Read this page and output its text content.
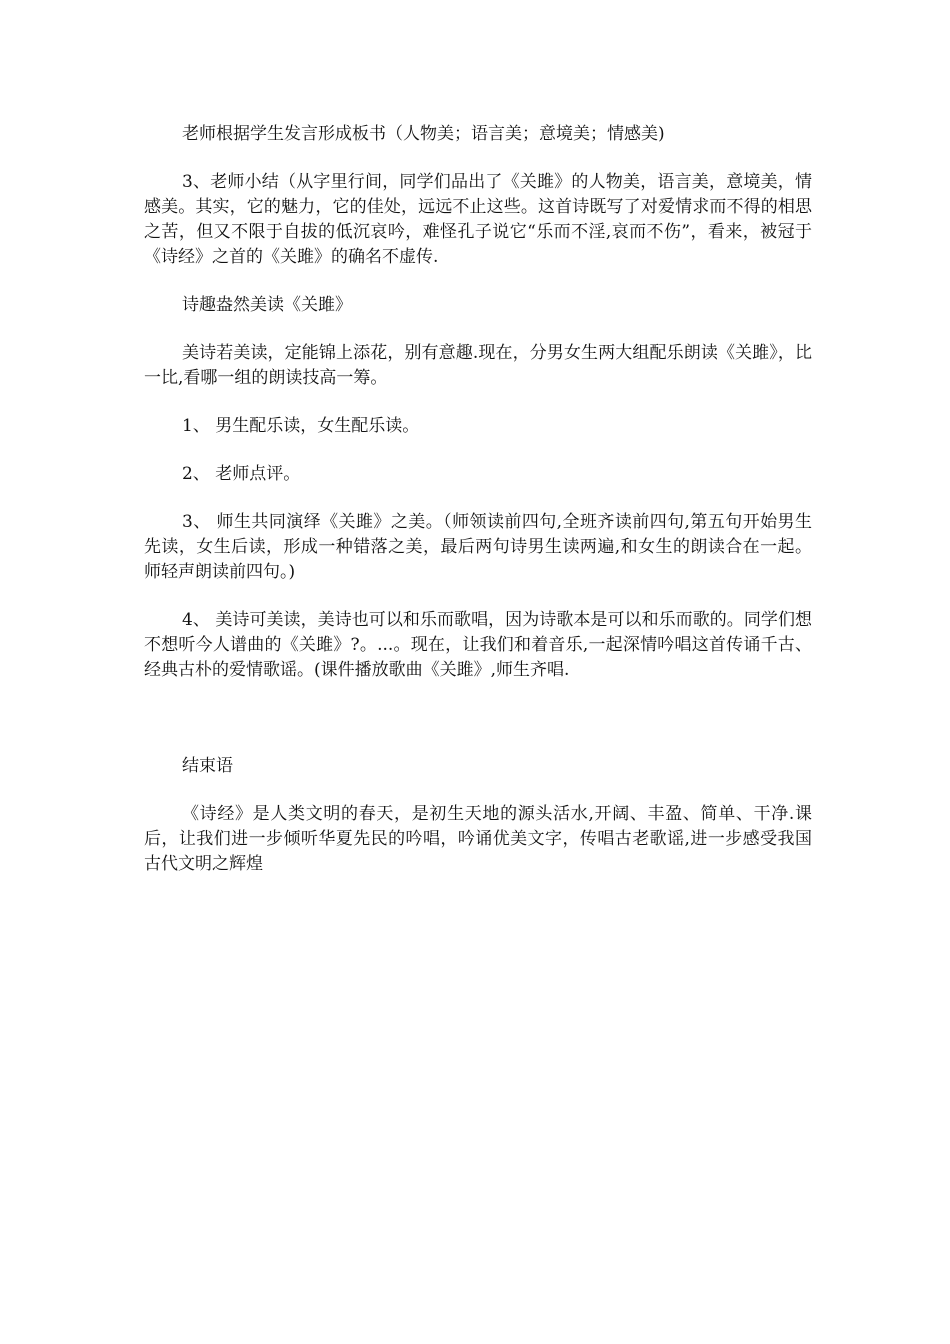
老师根据学生发言形成板书（人物美；语言美；意境美；情感美)

3、老师小结（从字里行间，同学们品出了《关雎》的人物美，语言美，意境美，情感美。其实，它的魅力，它的佳处，远远不止这些。这首诗既写了对爱情求而不得的相思之苦，但又不限于自拔的低沉哀吟，难怪孔子说它“乐而不淫,哀而不伤”，看来，被冠于《诗经》之首的《关雎》的确名不虚传.

诗趣盎然美读《关雎》

美诗若美读，定能锦上添花，别有意趣.现在，分男女生两大组配乐朗读《关雎》，比一比,看哪一组的朗读技高一筹。

1、 男生配乐读，女生配乐读。

2、 老师点评。

3、 师生共同演绎《关雎》之美。（师领读前四句,全班齐读前四句,第五句开始男生先读，女生后读，形成一种错落之美，最后两句诗男生读两遍,和女生的朗读合在一起。师轻声朗读前四句。)

4、 美诗可美读，美诗也可以和乐而歌唱，因为诗歌本是可以和乐而歌的。同学们想不想听今人谱曲的《关雎》?。...。现在，让我们和着音乐,一起深情吟唱这首传诵千古、经典古朴的爱情歌谣。(课件播放歌曲《关雎》,师生齐唱.

结束语

《诗经》是人类文明的春天，是初生天地的源头活水,开阔、丰盈、简单、干净.课后，让我们进一步倾听华夏先民的吟唱，吟诵优美文字，传唱古老歌谣,进一步感受我国古代文明之辉煌
